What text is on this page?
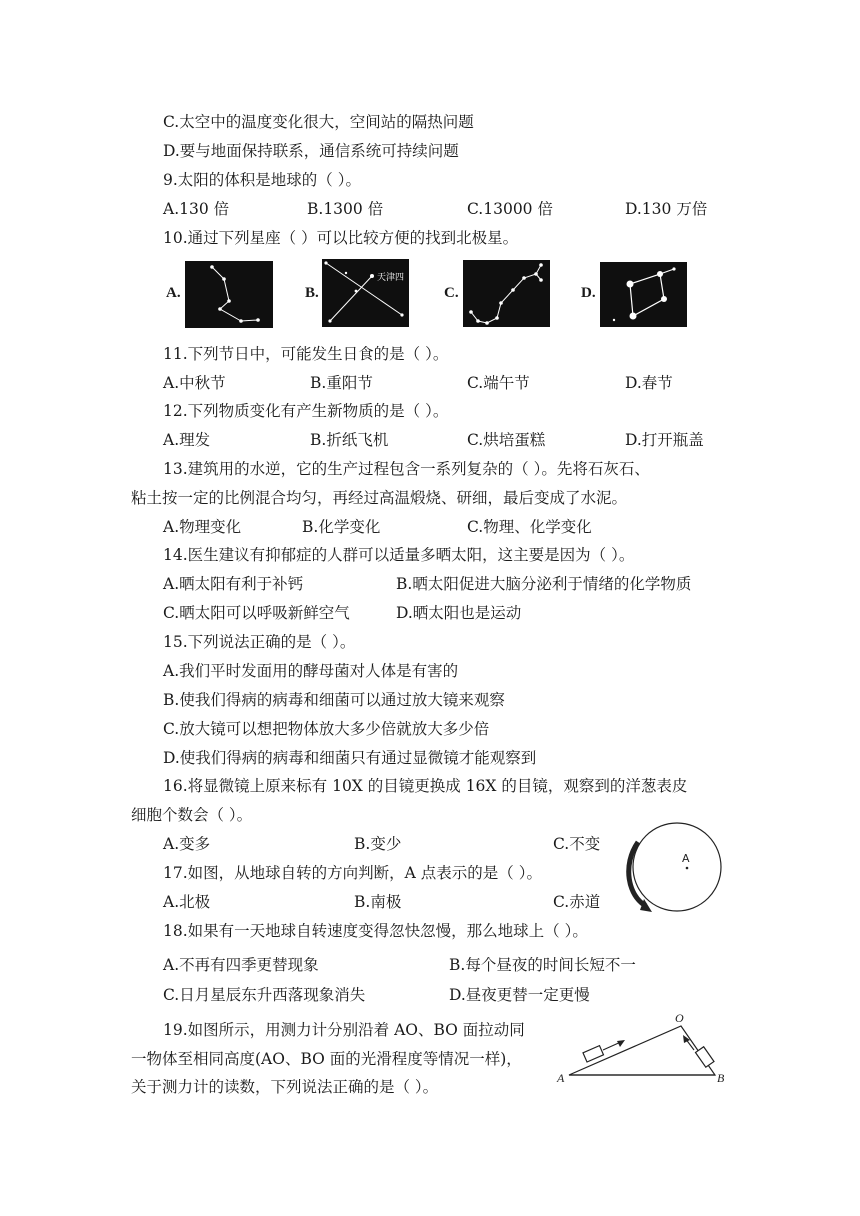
C.太空中的温度变化很大，空间站的隔热问题
D.要与地面保持联系，通信系统可持续问题
9.太阳的体积是地球的（ ）。
A.130 倍	B.1300 倍	C.13000 倍	D.130 万倍
10.通过下列星座（ ）可以比较方便的找到北极星。
A.	B.
天津四
C.	D.
11.下列节日中，可能发生日食的是（ ）。
A.中秋节	B.重阳节	C.端午节	D.春节
12.下列物质变化有产生新物质的是（ ）。
A.理发	B.折纸飞机	C.烘培蛋糕	D.打开瓶盖
13.建筑用的水逆，它的生产过程包含一系列复杂的（ ）。先将石灰石、
粘土按一定的比例混合均匀，再经过高温煅烧、研细，最后变成了水泥。
A.物理变化	B.化学变化	C.物理、化学变化
14.医生建议有抑郁症的人群可以适量多晒太阳，这主要是因为（ ）。
A.晒太阳有利于补钙	B.晒太阳促进大脑分泌利于情绪的化学物质
C.晒太阳可以呼吸新鲜空气	D.晒太阳也是运动
15.下列说法正确的是（ ）。
A.我们平时发面用的酵母菌对人体是有害的
B.使我们得病的病毒和细菌可以通过放大镜来观察
C.放大镜可以想把物体放大多少倍就放大多少倍
D.使我们得病的病毒和细菌只有通过显微镜才能观察到
16.将显微镜上原来标有 10X 的目镜更换成 16X 的目镜，观察到的洋葱表皮
细胞个数会（ ）。
A.变多	B.变少	C.不变
A
17.如图，从地球自转的方向判断，A 点表示的是（ ）。
A.北极	B.南极	C.赤道
18.如果有一天地球自转速度变得忽快忽慢，那么地球上（ ）。
A.不再有四季更替现象	B.每个昼夜的时间长短不一
C.日月星辰东升西落现象消失	D.昼夜更替一定更慢
19.如图所示，用测力计分别沿着 AO、BO 面拉动同
一物体至相同高度(AO、BO 面的光滑程度等情况一样)，
关于测力计的读数，下列说法正确的是（ ）。
O
A	B
